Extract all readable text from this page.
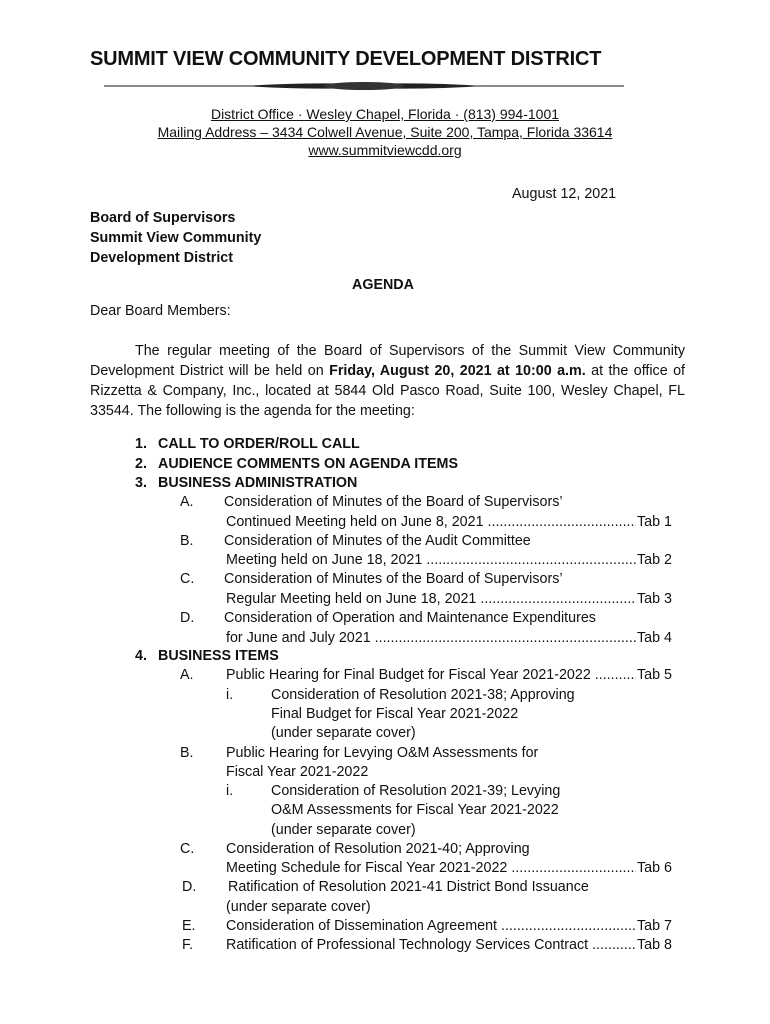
SUMMIT VIEW COMMUNITY DEVELOPMENT DISTRICT
District Office · Wesley Chapel, Florida · (813) 994-1001
Mailing Address – 3434 Colwell Avenue, Suite 200, Tampa, Florida 33614
www.summitviewcdd.org
August 12, 2021
Board of Supervisors
Summit View Community
Development District
AGENDA
Dear Board Members:
The regular meeting of the Board of Supervisors of the Summit View Community Development District will be held on Friday, August 20, 2021 at 10:00 a.m. at the office of Rizzetta & Company, Inc., located at 5844 Old Pasco Road, Suite 100, Wesley Chapel, FL 33544. The following is the agenda for the meeting:
1. CALL TO ORDER/ROLL CALL
2. AUDIENCE COMMENTS ON AGENDA ITEMS
3. BUSINESS ADMINISTRATION
A. Consideration of Minutes of the Board of Supervisors’
Continued Meeting held on June 8, 2021 .....	Tab 1
B. Consideration of Minutes of the Audit Committee
Meeting held on June 18, 2021 .....	Tab 2
C. Consideration of Minutes of the Board of Supervisors’
Regular Meeting held on June 18, 2021 .....	Tab 3
D. Consideration of Operation and Maintenance Expenditures
for June and July 2021 .....	Tab 4
4. BUSINESS ITEMS
A. Public Hearing for Final Budget for Fiscal Year 2021-2022 .....	Tab 5
i.	Consideration of Resolution 2021-38; Approving
Final Budget for Fiscal Year 2021-2022
(under separate cover)
B. Public Hearing for Levying O&M Assessments for
Fiscal Year 2021-2022
i.	Consideration of Resolution 2021-39; Levying
O&M Assessments for Fiscal Year 2021-2022
(under separate cover)
C. Consideration of Resolution 2021-40; Approving
Meeting Schedule for Fiscal Year 2021-2022 .....	Tab 6
D. Ratification of Resolution 2021-41 District Bond Issuance
(under separate cover)
E. Consideration of Dissemination Agreement .....	Tab 7
F. Ratification of Professional Technology Services Contract .....	Tab 8
